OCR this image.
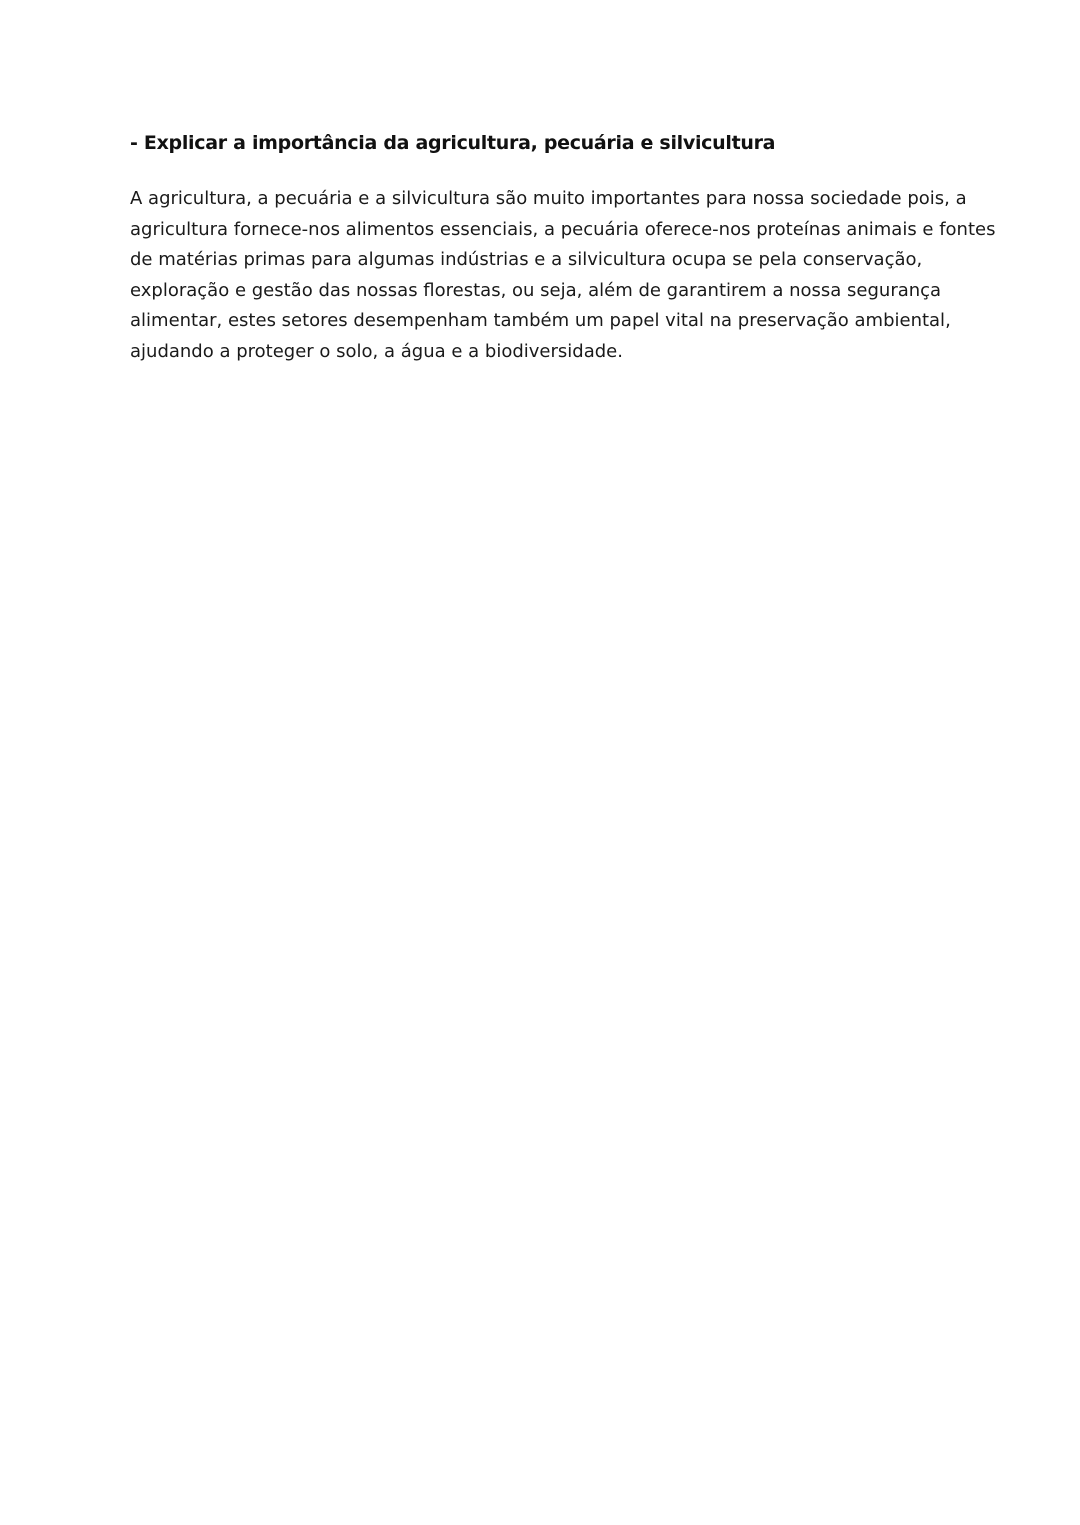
- Explicar a importância da agricultura, pecuária e silvicultura

A agricultura, a pecuária e a silvicultura são muito importantes para nossa sociedade pois, a
agricultura fornece-nos alimentos essenciais, a pecuária oferece-nos proteínas animais e fontes
de matérias primas para algumas indústrias e a silvicultura ocupa se pela conservação,
exploração e gestão das nossas florestas, ou seja, além de garantirem a nossa segurança
alimentar, estes setores desempenham também um papel vital na preservação ambiental,
ajudando a proteger o solo, a água e a biodiversidade.
